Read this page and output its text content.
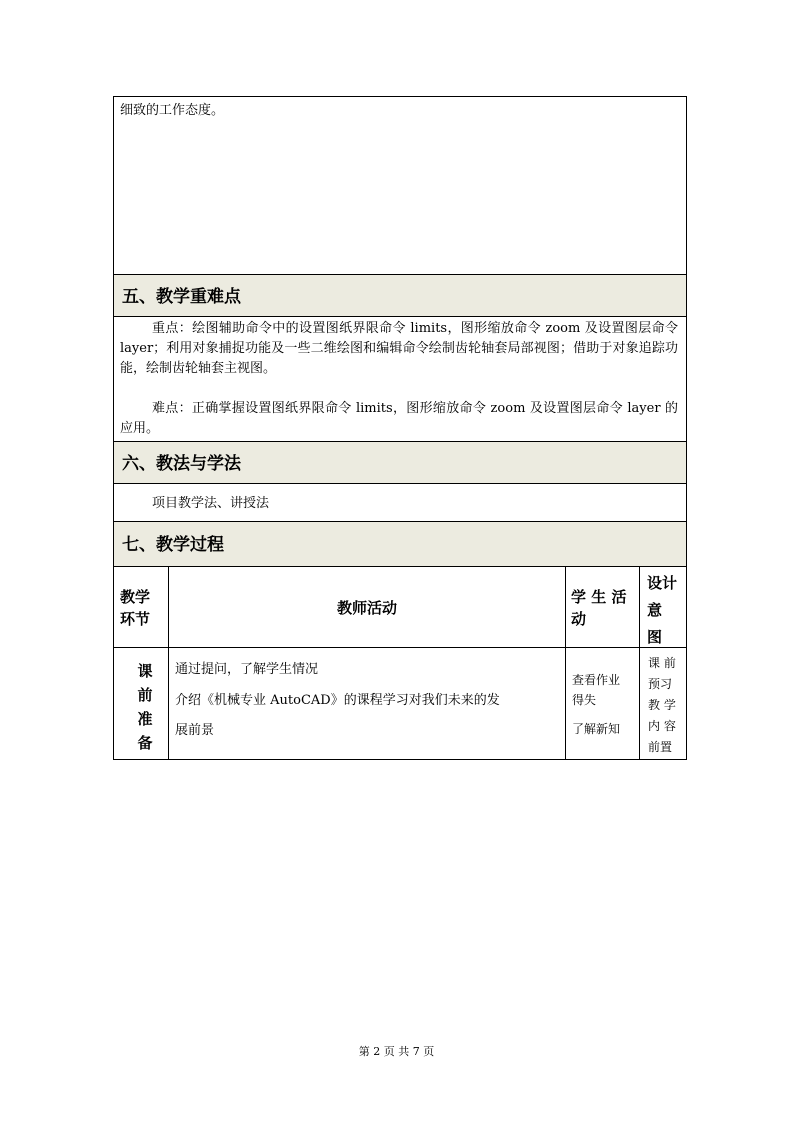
细致的工作态度。
五、教学重难点
重点：绘图辅助命令中的设置图纸界限命令 limits，图形缩放命令 zoom 及设置图层命令 layer；利用对象捕捉功能及一些二维绘图和编辑命令绘制齿轮轴套局部视图；借助于对象追踪功能，绘制齿轮轴套主视图。
难点：正确掌握设置图纸界限命令 limits，图形缩放命令 zoom 及设置图层命令 layer 的应用。
六、教法与学法
项目教学法、讲授法
七、教学过程
教学
环节
教师活动
学 生 活
动
设计
意
图
课
前
准
备
通过提问，了解学生情况
介绍《机械专业 AutoCAD》的课程学习对我们未来的发
展前景
查看作业
得失
了解新知
课 前
预习
教 学
内 容
前置
第 2 页 共 7 页
